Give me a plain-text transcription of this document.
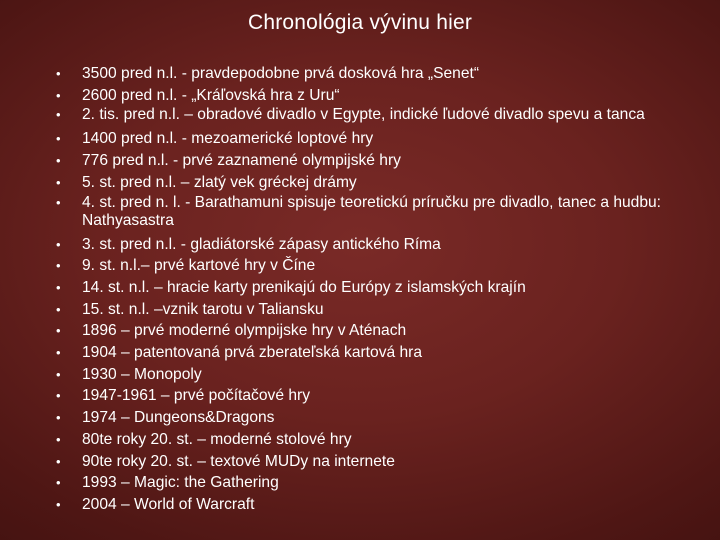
Chronológia vývinu hier
•	3500 pred n.l. - pravdepodobne prvá dosková hra „Senet“
•	2600 pred n.l. - „Kráľovská hra z Uru“
•	2. tis. pred n.l. – obradové divadlo v Egypte, indické ľudové divadlo spevu a tanca
•	1400 pred n.l. - mezoamerické loptové hry
•	776 pred n.l. - prvé zaznamené olympijské hry
•	5. st. pred n.l. – zlatý vek gréckej drámy
•	4. st. pred n. l. - Barathamuni spisuje teoretickú príručku pre divadlo, tanec a hudbu: Nathyasastra
•	3. st. pred n.l. - gladiátorské zápasy antického Ríma
•	9. st. n.l.– prvé kartové hry v Číne
•	14. st. n.l. – hracie karty prenikajú do Európy z islamských krajín
•	15. st. n.l. –vznik tarotu v Taliansku
•	1896 – prvé moderné olympijske hry v Aténach
•	1904 – patentovaná prvá zberateľská kartová hra
•	1930 – Monopoly
•	1947-1961 – prvé počítačové hry
•	1974 – Dungeons&Dragons
•	80te roky 20. st. – moderné stolové hry
•	90te roky 20. st. – textové MUDy na internete
•	1993 – Magic: the Gathering
•	2004 – World of Warcraft
